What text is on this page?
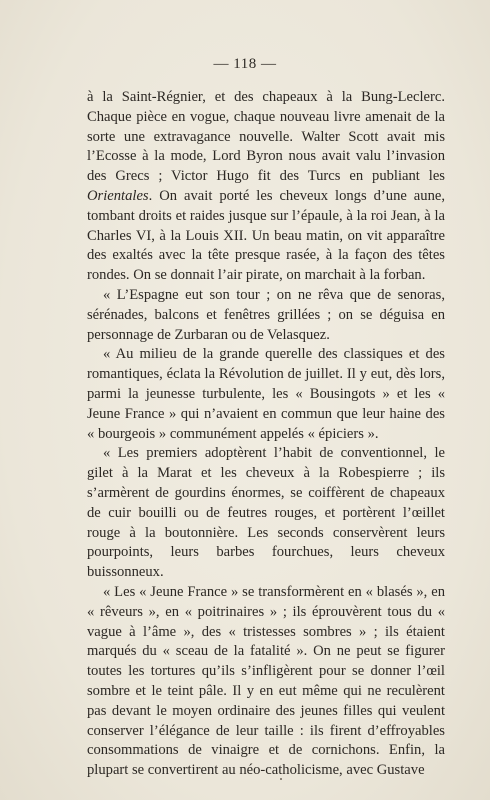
— 118 —

à la Saint-Régnier, et des chapeaux à la Bung-Leclerc. Chaque pièce en vogue, chaque nouveau livre amenait de la sorte une extravagance nouvelle. Walter Scott avait mis l’Ecosse à la mode, Lord Byron nous avait valu l’invasion des Grecs ; Victor Hugo fit des Turcs en publiant les Orientales. On avait porté les cheveux longs d’une aune, tombant droits et raides jusque sur l’épaule, à la roi Jean, à la Charles VI, à la Louis XII. Un beau matin, on vit apparaître des exaltés avec la tête presque rasée, à la façon des têtes rondes. On se donnait l’air pirate, on marchait à la forban.

« L’Espagne eut son tour ; on ne rêva que de senoras, sérénades, balcons et fenêtres grillées ; on se déguisa en personnage de Zurbaran ou de Velasquez.

« Au milieu de la grande querelle des classiques et des romantiques, éclata la Révolution de juillet. Il y eut, dès lors, parmi la jeunesse turbulente, les « Bousingots » et les « Jeune France » qui n’avaient en commun que leur haine des « bourgeois » communément appelés « épiciers ».

« Les premiers adoptèrent l’habit de conventionnel, le gilet à la Marat et les cheveux à la Robespierre ; ils s’armèrent de gourdins énormes, se coiffèrent de chapeaux de cuir bouilli ou de feutres rouges, et portèrent l’œillet rouge à la boutonnière. Les seconds conservèrent leurs pourpoints, leurs barbes fourchues, leurs cheveux buissonneux.

« Les « Jeune France » se transformèrent en « blasés », en « rêveurs », en « poitrinaires » ; ils éprouvèrent tous du « vague à l’âme », des « tristesses sombres » ; ils étaient marqués du « sceau de la fatalité ». On ne peut se figurer toutes les tortures qu’ils s’infligèrent pour se donner l’œil sombre et le teint pâle. Il y en eut même qui ne reculèrent pas devant le moyen ordinaire des jeunes filles qui veulent conserver l’élégance de leur taille : ils firent d’effroyables consommations de vinaigre et de cornichons. Enfin, la plupart se convertirent au néo-catholicisme, avec Gustave
